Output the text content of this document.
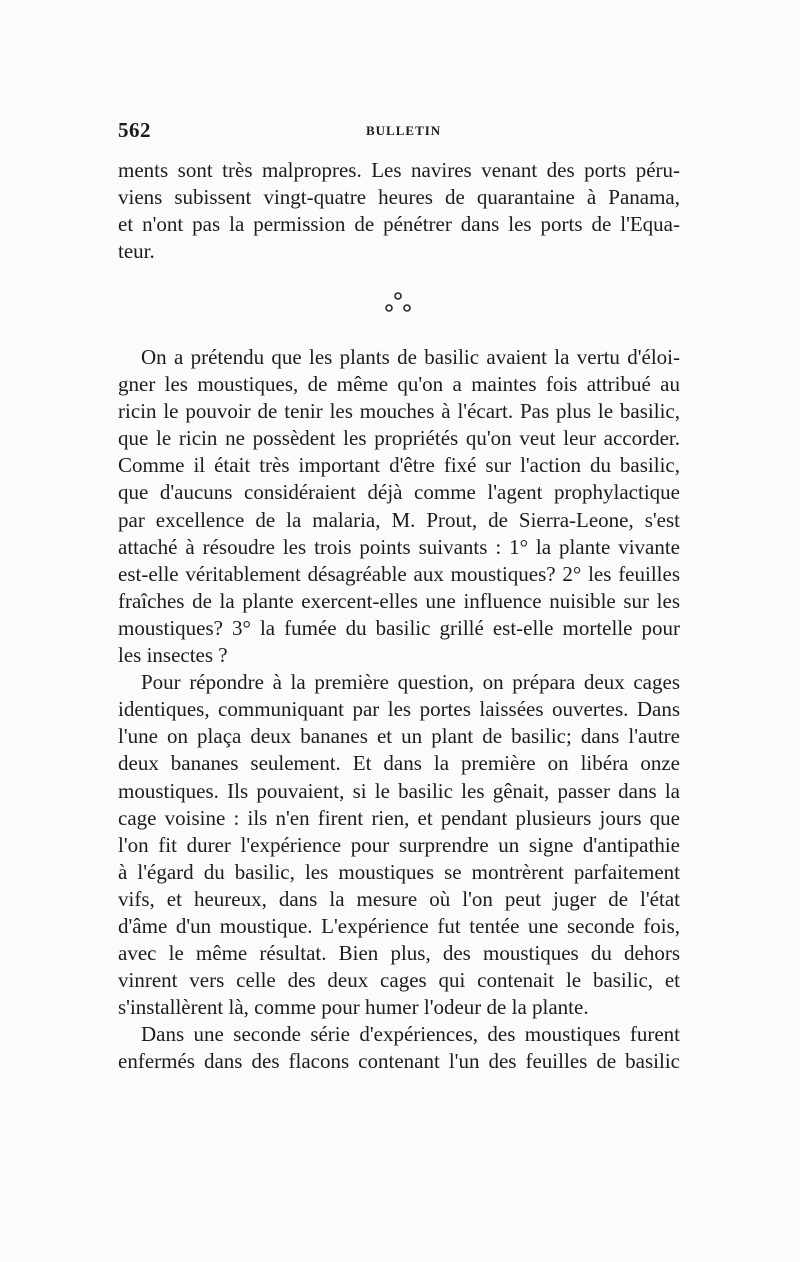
562	BULLETIN
ments sont très malpropres. Les navires venant des ports péru-
viens subissent vingt-quatre heures de quarantaine à Panama,
et n'ont pas la permission de pénétrer dans les ports de l'Equa-
teur.
On a prétendu que les plants de basilic avaient la vertu d'éloi-
gner les moustiques, de même qu'on a maintes fois attribué au
ricin le pouvoir de tenir les mouches à l'écart. Pas plus le basilic,
que le ricin ne possèdent les propriétés qu'on veut leur accorder.
Comme il était très important d'être fixé sur l'action du basilic,
que d'aucuns considéraient déjà comme l'agent prophylactique
par excellence de la malaria, M. Prout, de Sierra-Leone, s'est
attaché à résoudre les trois points suivants : 1° la plante vivante
est-elle véritablement désagréable aux moustiques? 2° les feuilles
fraîches de la plante exercent-elles une influence nuisible sur les
moustiques? 3° la fumée du basilic grillé est-elle mortelle pour
les insectes ?
Pour répondre à la première question, on prépara deux cages
identiques, communiquant par les portes laissées ouvertes. Dans
l'une on plaça deux bananes et un plant de basilic; dans l'autre
deux bananes seulement. Et dans la première on libéra onze
moustiques. Ils pouvaient, si le basilic les gênait, passer dans la
cage voisine : ils n'en firent rien, et pendant plusieurs jours que
l'on fit durer l'expérience pour surprendre un signe d'antipathie
à l'égard du basilic, les moustiques se montrèrent parfaitement
vifs, et heureux, dans la mesure où l'on peut juger de l'état
d'âme d'un moustique. L'expérience fut tentée une seconde fois,
avec le même résultat. Bien plus, des moustiques du dehors
vinrent vers celle des deux cages qui contenait le basilic, et
s'installèrent là, comme pour humer l'odeur de la plante.
Dans une seconde série d'expériences, des moustiques furent
enfermés dans des flacons contenant l'un des feuilles de basilic
